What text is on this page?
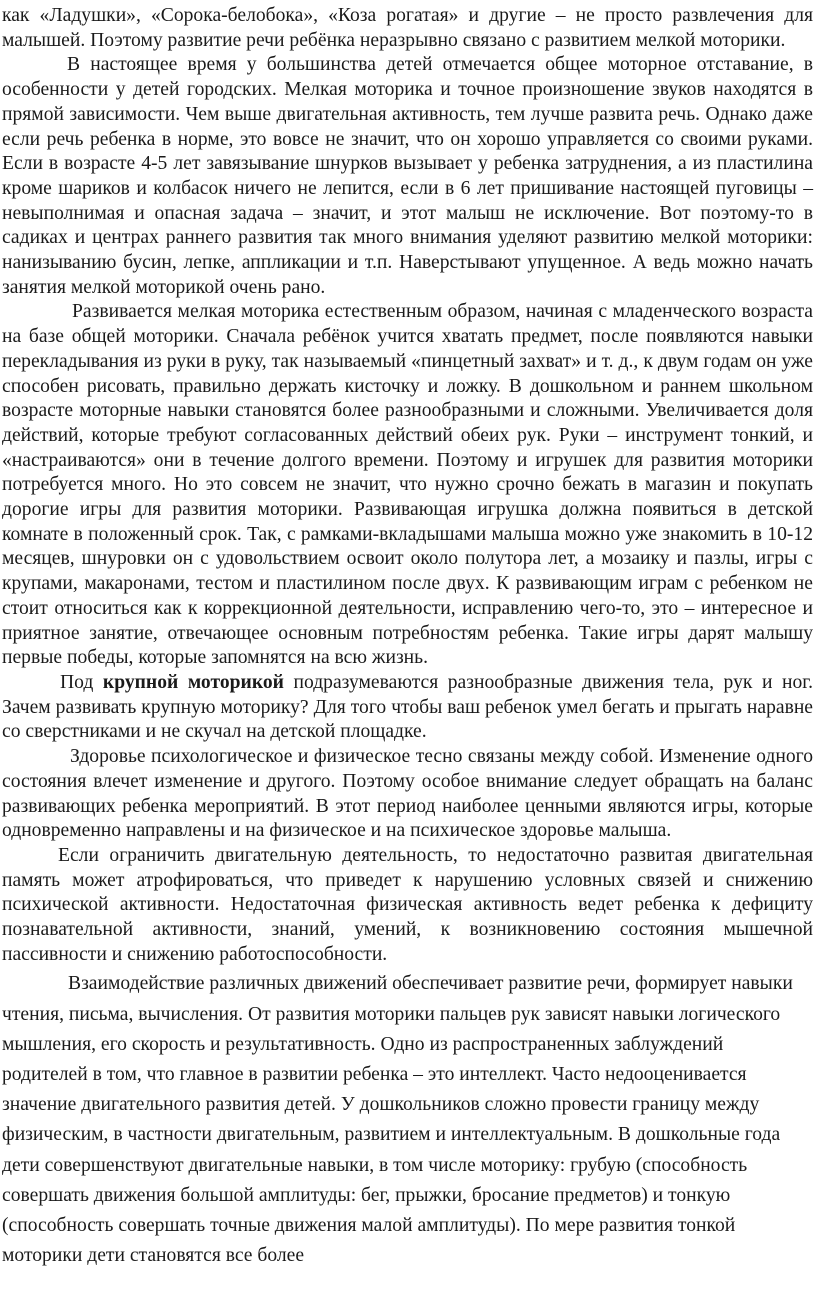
как «Ладушки», «Сорока-белобока», «Коза рогатая» и другие – не просто развлечения для малышей. Поэтому развитие речи ребёнка неразрывно связано с развитием мелкой моторики.

В настоящее время у большинства детей отмечается общее моторное отставание, в особенности у детей городских. Мелкая моторика и точное произношение звуков находятся в прямой зависимости. Чем выше двигательная активность, тем лучше развита речь. Однако даже если речь ребенка в норме, это вовсе не значит, что он хорошо управляется со своими руками. Если в возрасте 4-5 лет завязывание шнурков вызывает у ребенка затруднения, а из пластилина кроме шариков и колбасок ничего не лепится, если в 6 лет пришивание настоящей пуговицы – невыполнимая и опасная задача – значит, и этот малыш не исключение. Вот поэтому-то в садиках и центрах раннего развития так много внимания уделяют развитию мелкой моторики: нанизыванию бусин, лепке, аппликации и т.п. Наверстывают упущенное. А ведь можно начать занятия мелкой моторикой очень рано.

Развивается мелкая моторика естественным образом, начиная с младенческого возраста на базе общей моторики. Сначала ребёнок учится хватать предмет, после появляются навыки перекладывания из руки в руку, так называемый «пинцетный захват» и т. д., к двум годам он уже способен рисовать, правильно держать кисточку и ложку. В дошкольном и раннем школьном возрасте моторные навыки становятся более разнообразными и сложными. Увеличивается доля действий, которые требуют согласованных действий обеих рук. Руки – инструмент тонкий, и «настраиваются» они в течение долгого времени. Поэтому и игрушек для развития моторики потребуется много. Но это совсем не значит, что нужно срочно бежать в магазин и покупать дорогие игры для развития моторики. Развивающая игрушка должна появиться в детской комнате в положенный срок. Так, с рамками-вкладышами малыша можно уже знакомить в 10-12 месяцев, шнуровки он с удовольствием освоит около полутора лет, а мозаику и пазлы, игры с крупами, макаронами, тестом и пластилином после двух. К развивающим играм с ребенком не стоит относиться как к коррекционной деятельности, исправлению чего-то, это – интересное и приятное занятие, отвечающее основным потребностям ребенка. Такие игры дарят малышу первые победы, которые запомнятся на всю жизнь.

Под крупной моторикой подразумеваются разнообразные движения тела, рук и ног. Зачем развивать крупную моторику? Для того чтобы ваш ребенок умел бегать и прыгать наравне со сверстниками и не скучал на детской площадке.

Здоровье психологическое и физическое тесно связаны между собой. Изменение одного состояния влечет изменение и другого. Поэтому особое внимание следует обращать на баланс развивающих ребенка мероприятий. В этот период наиболее ценными являются игры, которые одновременно направлены и на физическое и на психическое здоровье малыша.

Если ограничить двигательную деятельность, то недостаточно развитая двигательная память может атрофироваться, что приведет к нарушению условных связей и снижению психической активности. Недостаточная физическая активность ведет ребенка к дефициту познавательной активности, знаний, умений, к возникновению состояния мышечной пассивности и снижению работоспособности.

Взаимодействие различных движений обеспечивает развитие речи, формирует навыки чтения, письма, вычисления. От развития моторики пальцев рук зависят навыки логического мышления, его скорость и результативность. Одно из распространенных заблуждений родителей в том, что главное в развитии ребенка – это интеллект. Часто недооценивается значение двигательного развития детей. У дошкольников сложно провести границу между физическим, в частности двигательным, развитием и интеллектуальным. В дошкольные года дети совершенствуют двигательные навыки, в том числе моторику: грубую (способность совершать движения большой амплитуды: бег, прыжки, бросание предметов) и тонкую (способность совершать точные движения малой амплитуды). По мере развития тонкой моторики дети становятся все более
